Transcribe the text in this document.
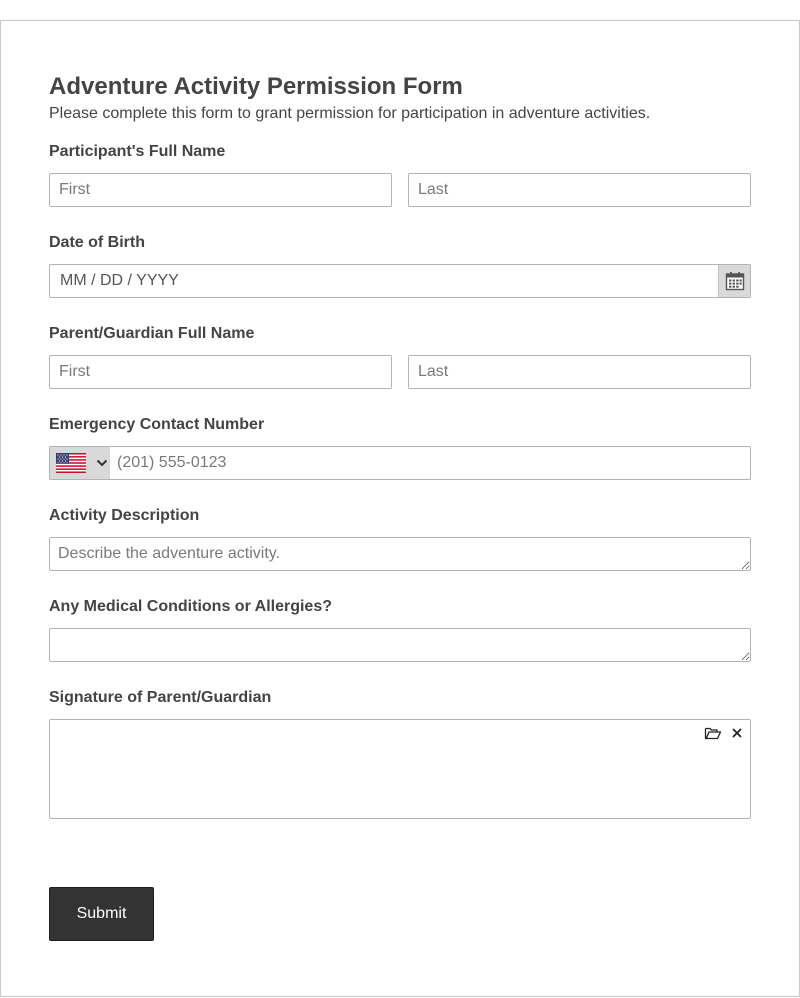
Adventure Activity Permission Form

Please complete this form to grant permission for participation in adventure activities.

Participant's Full Name
First
Last
Date of Birth
MM / DD / YYYY
Parent/Guardian Full Name
First
Last
Emergency Contact Number
(201) 555-0123
Activity Description
Describe the adventure activity.
Any Medical Conditions or Allergies?
Signature of Parent/Guardian
Submit
